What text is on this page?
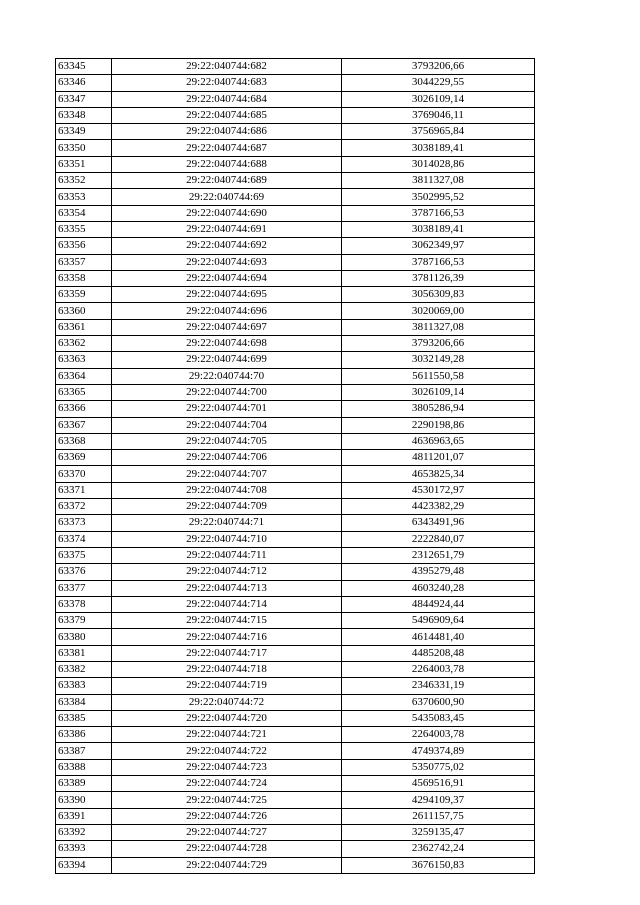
63345	29:22:040744:682	3793206,66
63346	29:22:040744:683	3044229,55
63347	29:22:040744:684	3026109,14
63348	29:22:040744:685	3769046,11
63349	29:22:040744:686	3756965,84
63350	29:22:040744:687	3038189,41
63351	29:22:040744:688	3014028,86
63352	29:22:040744:689	3811327,08
63353	29:22:040744:69	3502995,52
63354	29:22:040744:690	3787166,53
63355	29:22:040744:691	3038189,41
63356	29:22:040744:692	3062349,97
63357	29:22:040744:693	3787166,53
63358	29:22:040744:694	3781126,39
63359	29:22:040744:695	3056309,83
63360	29:22:040744:696	3020069,00
63361	29:22:040744:697	3811327,08
63362	29:22:040744:698	3793206,66
63363	29:22:040744:699	3032149,28
63364	29:22:040744:70	5611550,58
63365	29:22:040744:700	3026109,14
63366	29:22:040744:701	3805286,94
63367	29:22:040744:704	2290198,86
63368	29:22:040744:705	4636963,65
63369	29:22:040744:706	4811201,07
63370	29:22:040744:707	4653825,34
63371	29:22:040744:708	4530172,97
63372	29:22:040744:709	4423382,29
63373	29:22:040744:71	6343491,96
63374	29:22:040744:710	2222840,07
63375	29:22:040744:711	2312651,79
63376	29:22:040744:712	4395279,48
63377	29:22:040744:713	4603240,28
63378	29:22:040744:714	4844924,44
63379	29:22:040744:715	5496909,64
63380	29:22:040744:716	4614481,40
63381	29:22:040744:717	4485208,48
63382	29:22:040744:718	2264003,78
63383	29:22:040744:719	2346331,19
63384	29:22:040744:72	6370600,90
63385	29:22:040744:720	5435083,45
63386	29:22:040744:721	2264003,78
63387	29:22:040744:722	4749374,89
63388	29:22:040744:723	5350775,02
63389	29:22:040744:724	4569516,91
63390	29:22:040744:725	4294109,37
63391	29:22:040744:726	2611157,75
63392	29:22:040744:727	3259135,47
63393	29:22:040744:728	2362742,24
63394	29:22:040744:729	3676150,83
